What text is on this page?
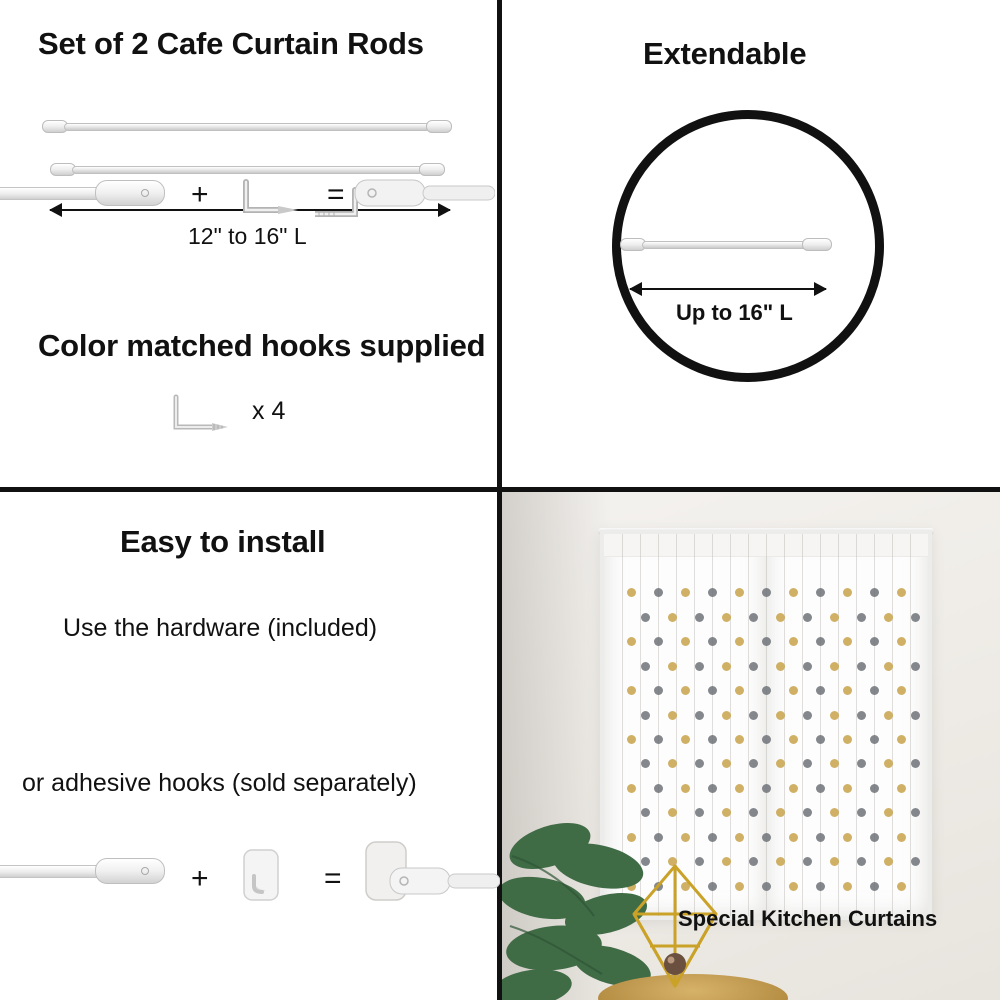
Set of 2 Cafe Curtain Rods
12" to 16" L
Color matched hooks supplied
x 4
Extendable
Up to 16" L
Easy to install
Use the hardware (included)
or adhesive hooks (sold separately)
+	=
+	=
Special Kitchen Curtains
